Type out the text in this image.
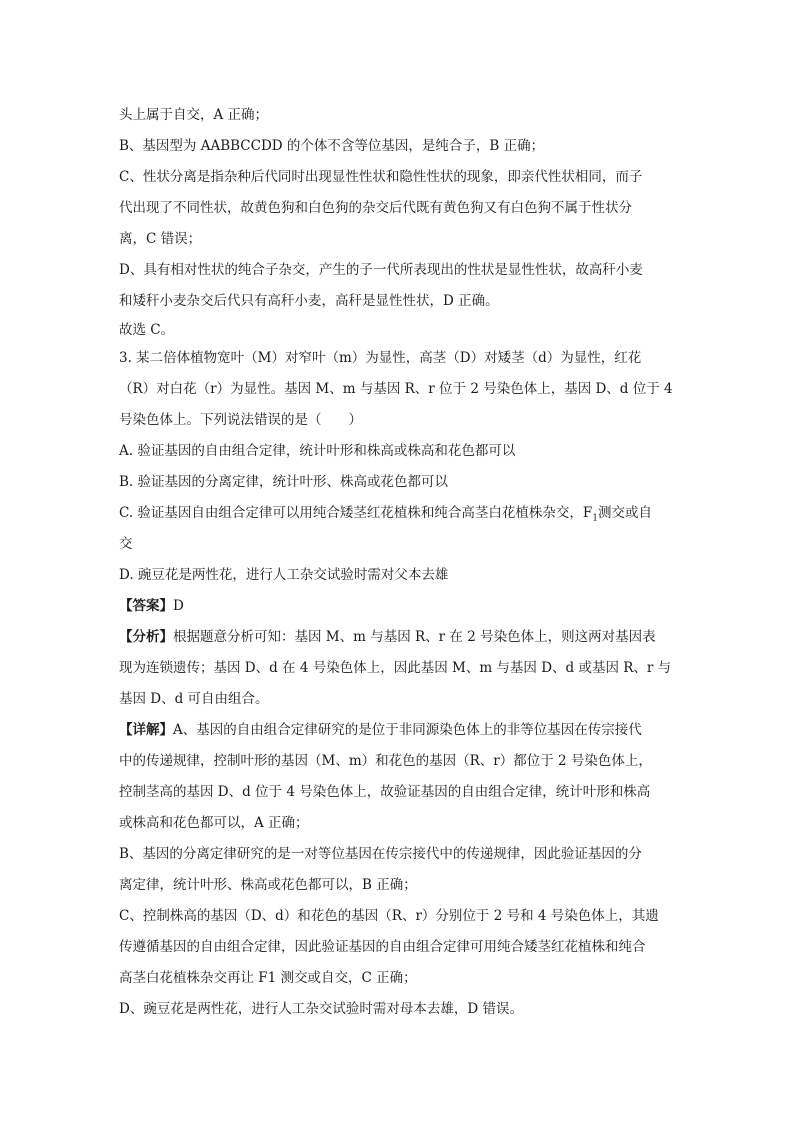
头上属于自交，A 正确；
B、基因型为 AABBCCDD 的个体不含等位基因，是纯合子，B 正确；
C、性状分离是指杂种后代同时出现显性性状和隐性性状的现象，即亲代性状相同，而子
代出现了不同性状，故黄色狗和白色狗的杂交后代既有黄色狗又有白色狗不属于性状分
离，C 错误；
D、具有相对性状的纯合子杂交，产生的子一代所表现出的性状是显性性状，故高秆小麦
和矮秆小麦杂交后代只有高秆小麦，高秆是显性性状，D 正确。
故选 C。
3. 某二倍体植物宽叶（M）对窄叶（m）为显性，高茎（D）对矮茎（d）为显性，红花
（R）对白花（r）为显性。基因 M、m 与基因 R、r 位于 2 号染色体上，基因 D、d 位于 4
号染色体上。下列说法错误的是（　　）
A. 验证基因的自由组合定律，统计叶形和株高或株高和花色都可以
B. 验证基因的分离定律，统计叶形、株高或花色都可以
C. 验证基因自由组合定律可以用纯合矮茎红花植株和纯合高茎白花植株杂交，$F_1$测交或自
交
D. 豌豆花是两性花，进行人工杂交试验时需对父本去雄
【答案】D
【分析】根据题意分析可知：基因 M、m 与基因 R、r 在 2 号染色体上，则这两对基因表
现为连锁遗传；基因 D、d 在 4 号染色体上，因此基因 M、m 与基因 D、d 或基因 R、r 与
基因 D、d 可自由组合。
【详解】A、基因的自由组合定律研究的是位于非同源染色体上的非等位基因在传宗接代
中的传递规律，控制叶形的基因（M、m）和花色的基因（R、r）都位于 2 号染色体上，
控制茎高的基因 D、d 位于 4 号染色体上，故验证基因的自由组合定律，统计叶形和株高
或株高和花色都可以，A 正确；
B、基因的分离定律研究的是一对等位基因在传宗接代中的传递规律，因此验证基因的分
离定律，统计叶形、株高或花色都可以，B 正确；
C、控制株高的基因（D、d）和花色的基因（R、r）分别位于 2 号和 4 号染色体上，其遗
传遵循基因的自由组合定律，因此验证基因的自由组合定律可用纯合矮茎红花植株和纯合
高茎白花植株杂交再让 F1 测交或自交，C 正确；
D、豌豆花是两性花，进行人工杂交试验时需对母本去雄，D 错误。
